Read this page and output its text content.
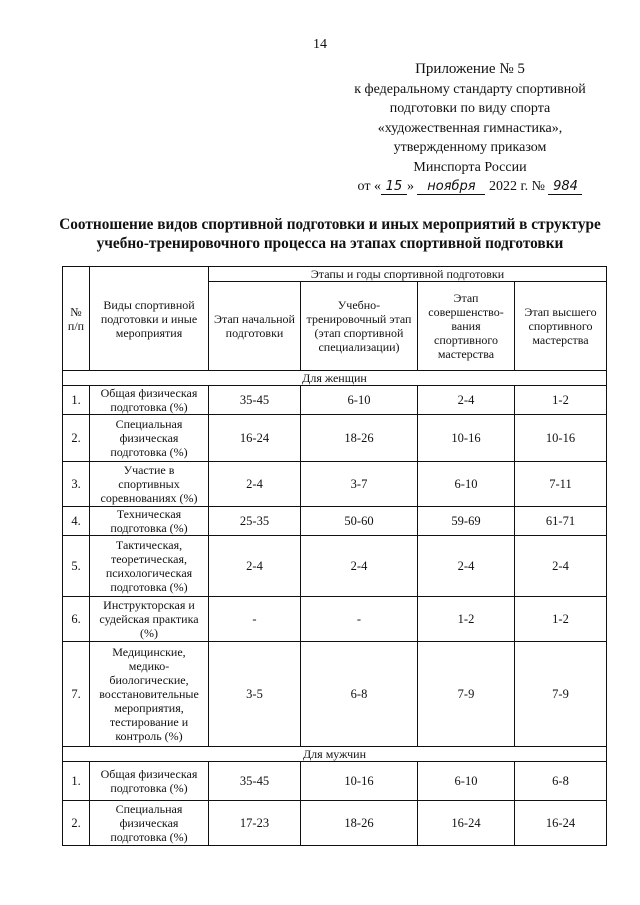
14
Приложение № 5
к федеральному стандарту спортивной
подготовки по виду спорта
«художественная гимнастика»,
утвержденному приказом
Минспорта России
от « 15 » ноября 2022 г. № 984
Соотношение видов спортивной подготовки и иных мероприятий в структуре
учебно-тренировочного процесса на этапах спортивной подготовки
№ п/п	Виды спортивной подготовки и иные мероприятия	Этапы и годы спортивной подготовки			
		Этап начальной подготовки	Учебно-тренировочный этап (этап спортивной специализации)	Этап совершенство-вания спортивного мастерства	Этап высшего спортивного мастерства
Для женщин					
1.	Общая физическая подготовка (%)	35-45	6-10	2-4	1-2
2.	Специальная физическая подготовка (%)	16-24	18-26	10-16	10-16
3.	Участие в спортивных соревнованиях (%)	2-4	3-7	6-10	7-11
4.	Техническая подготовка (%)	25-35	50-60	59-69	61-71
5.	Тактическая, теоретическая, психологическая подготовка (%)	2-4	2-4	2-4	2-4
6.	Инструкторская и судейская практика (%)	-	-	1-2	1-2
7.	Медицинские, медико-биологические, восстановительные мероприятия, тестирование и контроль (%)	3-5	6-8	7-9	7-9
Для мужчин					
1.	Общая физическая подготовка (%)	35-45	10-16	6-10	6-8
2.	Специальная физическая подготовка (%)	17-23	18-26	16-24	16-24
